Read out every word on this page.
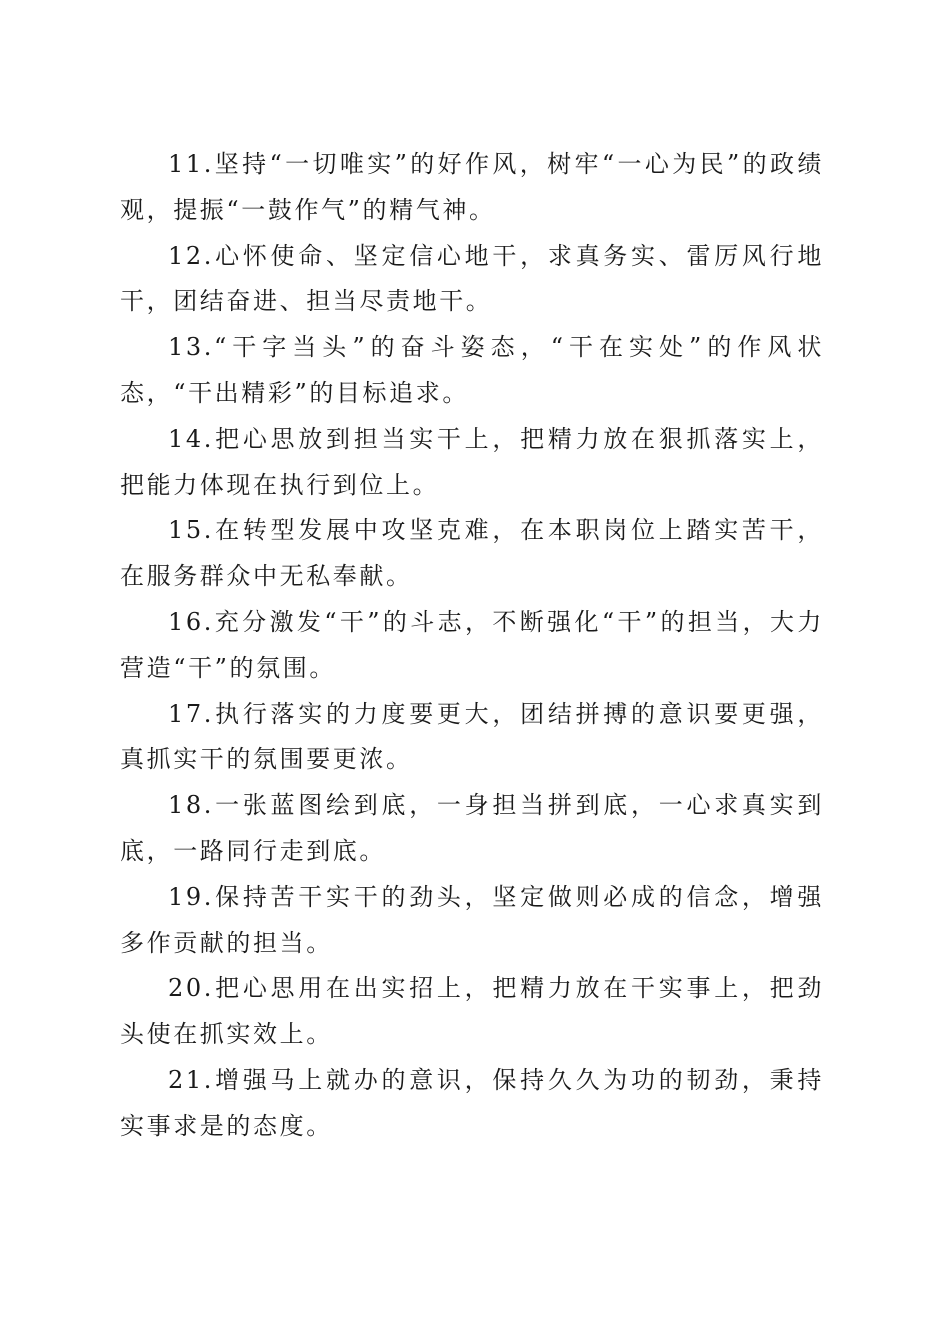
11.坚持“一切唯实”的好作风，树牢“一心为民”的政绩观，提振“一鼓作气”的精气神。

12.心怀使命、坚定信心地干，求真务实、雷厉风行地干，团结奋进、担当尽责地干。

13.“干字当头”的奋斗姿态，“干在实处”的作风状态，“干出精彩”的目标追求。

14.把心思放到担当实干上，把精力放在狠抓落实上，把能力体现在执行到位上。

15.在转型发展中攻坚克难，在本职岗位上踏实苦干，在服务群众中无私奉献。

16.充分激发“干”的斗志，不断强化“干”的担当，大力营造“干”的氛围。

17.执行落实的力度要更大，团结拼搏的意识要更强，真抓实干的氛围要更浓。

18.一张蓝图绘到底，一身担当拼到底，一心求真实到底，一路同行走到底。

19.保持苦干实干的劲头，坚定做则必成的信念，增强多作贡献的担当。

20.把心思用在出实招上，把精力放在干实事上，把劲头使在抓实效上。

21.增强马上就办的意识，保持久久为功的韧劲，秉持实事求是的态度。
